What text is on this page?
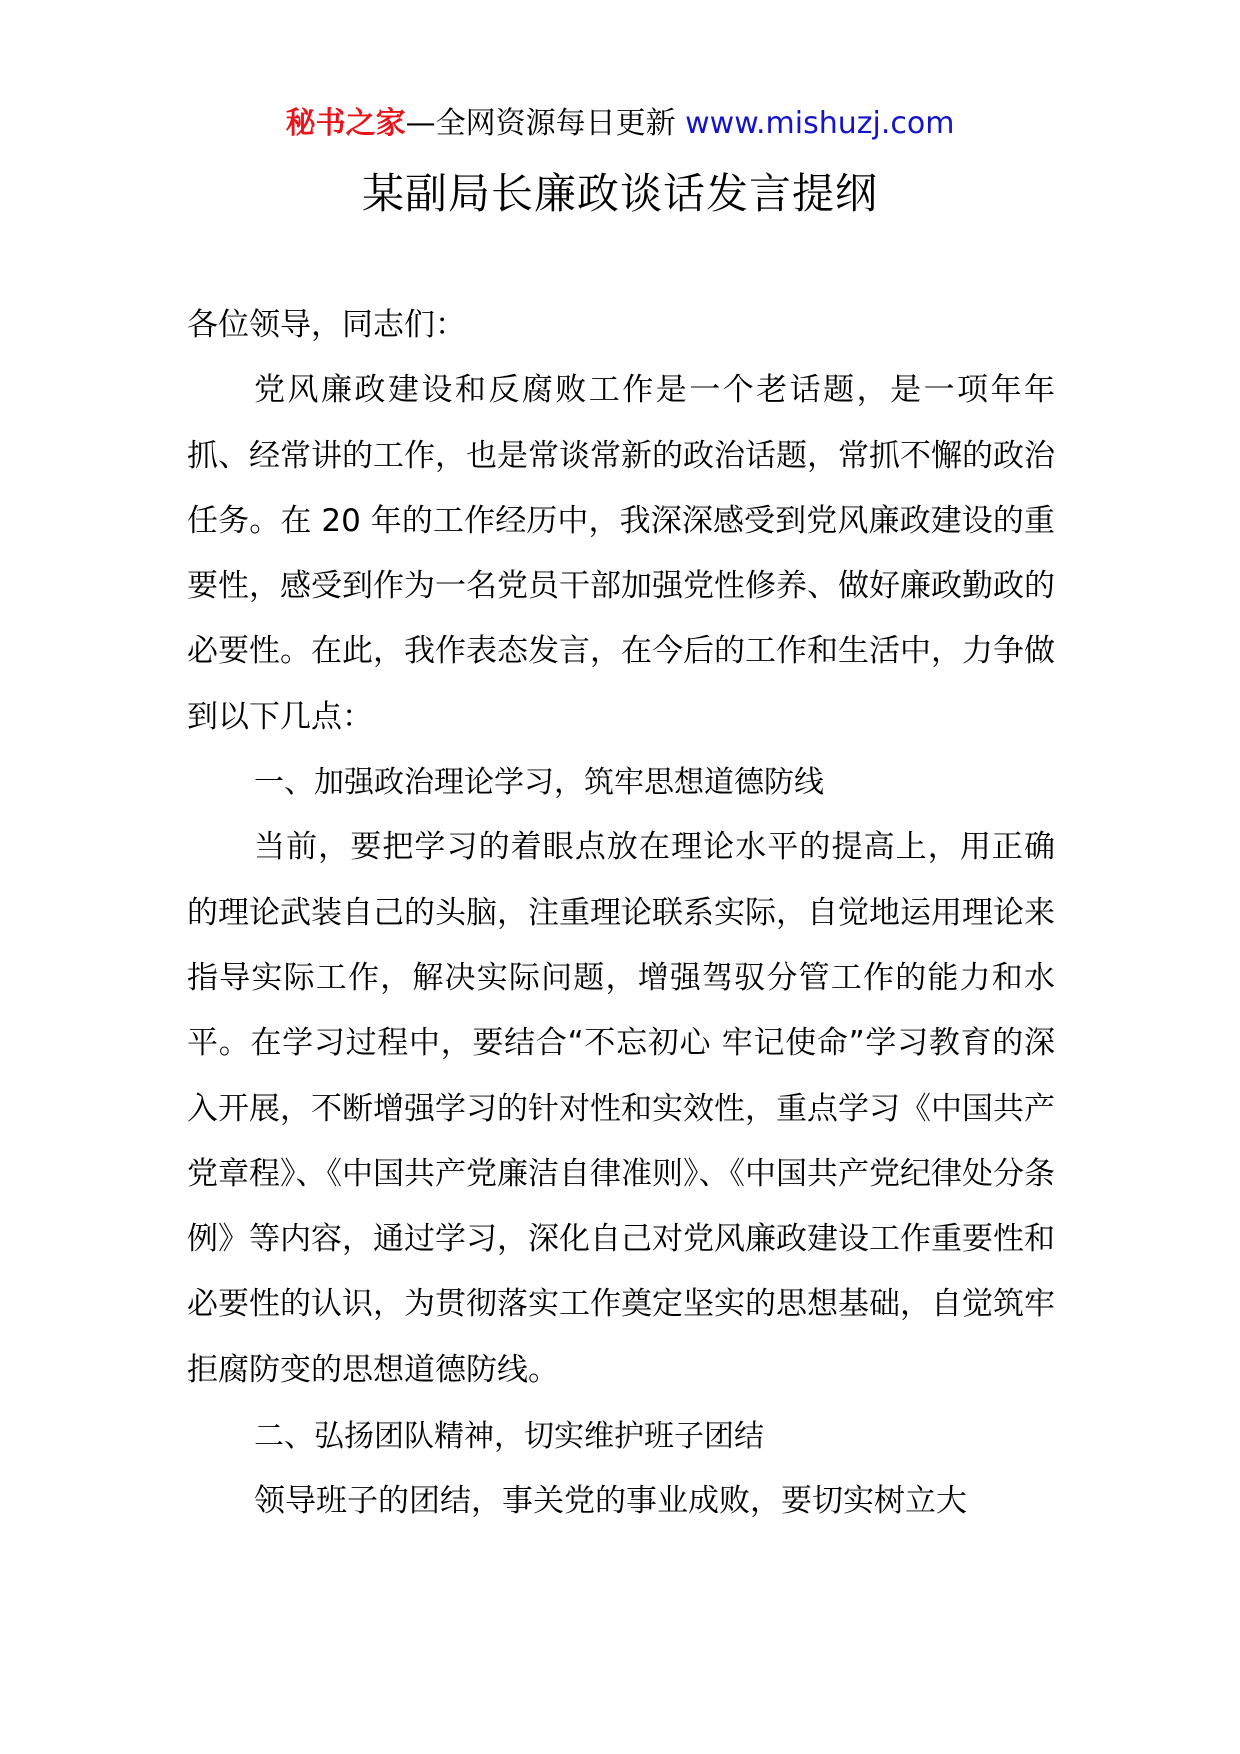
秘书之家—全网资源每日更新 www.mishuzj.com
某副局长廉政谈话发言提纲

各位领导，同志们：

党风廉政建设和反腐败工作是一个老话题，是一项年年抓、经常讲的工作，也是常谈常新的政治话题，常抓不懈的政治任务。在 20 年的工作经历中，我深深感受到党风廉政建设的重要性，感受到作为一名党员干部加强党性修养、做好廉政勤政的必要性。在此，我作表态发言，在今后的工作和生活中，力争做到以下几点：

一、加强政治理论学习，筑牢思想道德防线

当前，要把学习的着眼点放在理论水平的提高上，用正确的理论武装自己的头脑，注重理论联系实际，自觉地运用理论来指导实际工作，解决实际问题，增强驾驭分管工作的能力和水平。在学习过程中，要结合“不忘初心 牢记使命”学习教育的深入开展，不断增强学习的针对性和实效性，重点学习《中国共产党章程》、《中国共产党廉洁自律准则》、《中国共产党纪律处分条例》等内容，通过学习，深化自己对党风廉政建设工作重要性和必要性的认识，为贯彻落实工作奠定坚实的思想基础，自觉筑牢拒腐防变的思想道德防线。

二、弘扬团队精神，切实维护班子团结

领导班子的团结，事关党的事业成败，要切实树立大
